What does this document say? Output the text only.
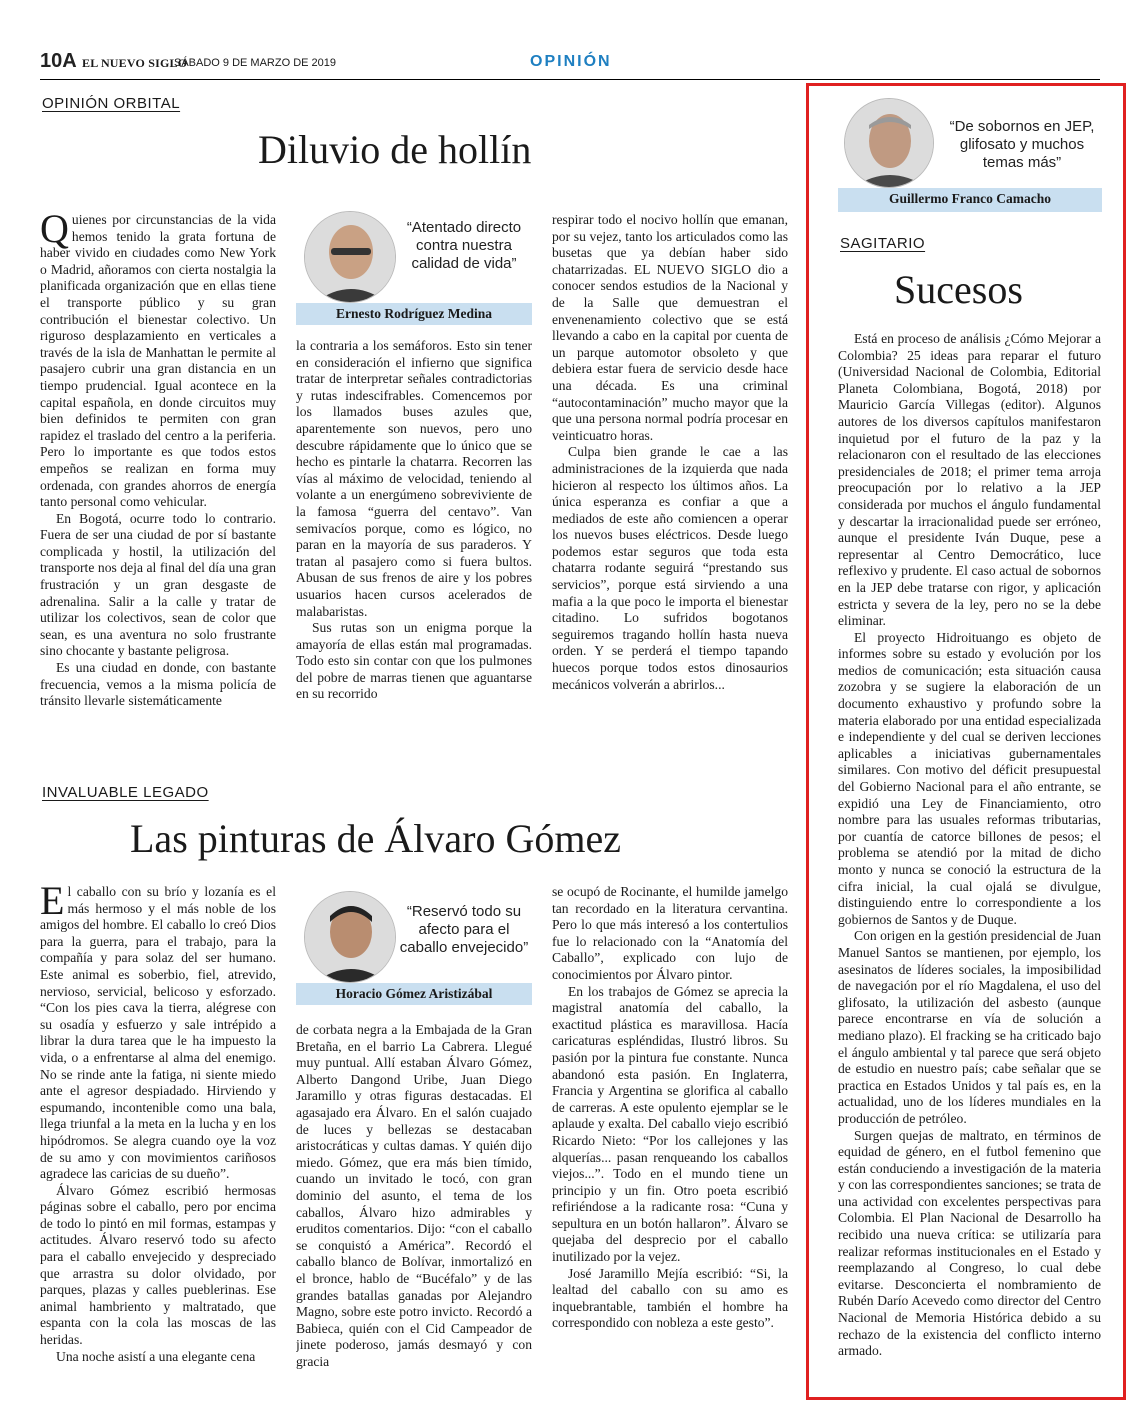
10A EL NUEVO SIGLO
SÁBADO 9 DE MARZO DE 2019	OPINIÓN
OPINIÓN ORBITAL
Diluvio de hollín

Quienes por circunstancias de la vida hemos tenido la grata fortuna de haber vivido en ciudades como New York o Madrid, añoramos con cierta nostalgia la planificada organización que en ellas tiene el transporte público y su gran contribución el bienestar colectivo. Un riguroso desplazamiento en verticales a través de la isla de Manhattan le permite al pasajero cubrir una gran distancia en un tiempo prudencial. Igual acontece en la capital española, en donde circuitos muy bien definidos te permiten con gran rapidez el traslado del centro a la periferia. Pero lo importante es que todos estos empeños se realizan en forma muy ordenada, con grandes ahorros de energía tanto personal como vehicular.

En Bogotá, ocurre todo lo contrario. Fuera de ser una ciudad de por sí bastante complicada y hostil, la utilización del transporte nos deja al final del día una gran frustración y un gran desgaste de adrenalina. Salir a la calle y tratar de utilizar los colectivos, sean de color que sean, es una aventura no solo frustrante sino chocante y bastante peligrosa.

Es una ciudad en donde, con bastante frecuencia, vemos a la misma policía de tránsito llevarle sistemáticamente

“Atentado directo contra nuestra calidad de vida”
Ernesto Rodríguez Medina

la contraria a los semáforos. Esto sin tener en consideración el infierno que significa tratar de interpretar señales contradictorias y rutas indescifrables. Comencemos por los llamados buses azules que, aparentemente son nuevos, pero uno descubre rápidamente que lo único que se hecho es pintarle la chatarra. Recorren las vías al máximo de velocidad, teniendo al volante a un energúmeno sobreviviente de la famosa “guerra del centavo”. Van semivacíos porque, como es lógico, no paran en la mayoría de sus paraderos. Y tratan al pasajero como si fuera bultos. Abusan de sus frenos de aire y los pobres usuarios hacen cursos acelerados de malabaristas.

Sus rutas son un enigma porque la amayoría de ellas están mal programadas. Todo esto sin contar con que los pulmones del pobre de marras tienen que aguantarse en su recorrido

respirar todo el nocivo hollín que emanan, por su vejez, tanto los articulados como las busetas que ya debían haber sido chatarrizadas. EL NUEVO SIGLO dio a conocer sendos estudios de la Nacional y de la Salle que demuestran el envenenamiento colectivo que se está llevando a cabo en la capital por cuenta de un parque automotor obsoleto y que debiera estar fuera de servicio desde hace una década. Es una criminal “autocontaminación” mucho mayor que la que una persona normal podría procesar en veinticuatro horas.

Culpa bien grande le cae a las administraciones de la izquierda que nada hicieron al respecto los últimos años. La única esperanza es confiar a que a mediados de este año comiencen a operar los nuevos buses eléctricos. Desde luego podemos estar seguros que toda esta chatarra rodante seguirá “prestando sus servicios”, porque está sirviendo a una mafia a la que poco le importa el bienestar citadino. Lo sufridos bogotanos seguiremos tragando hollín hasta nueva orden. Y se perderá el tiempo tapando huecos porque todos estos dinosaurios mecánicos volverán a abrirlos...

INVALUABLE LEGADO
Las pinturas de Álvaro Gómez

El caballo con su brío y lozanía es el más hermoso y el más noble de los amigos del hombre. El caballo lo creó Dios para la guerra, para el trabajo, para la compañía y para solaz del ser humano. Este animal es soberbio, fiel, atrevido, nervioso, servicial, belicoso y esforzado. “Con los pies cava la tierra, alégrese con su osadía y esfuerzo y sale intrépido a librar la dura tarea que le ha impuesto la vida, o a enfrentarse al alma del enemigo. No se rinde ante la fatiga, ni siente miedo ante el agresor despiadado. Hirviendo y espumando, incontenible como una bala, llega triunfal a la meta en la lucha y en los hipódromos. Se alegra cuando oye la voz de su amo y con movimientos cariñosos agradece las caricias de su dueño”.

Álvaro Gómez escribió hermosas páginas sobre el caballo, pero por encima de todo lo pintó en mil formas, estampas y actitudes. Álvaro reservó todo su afecto para el caballo envejecido y despreciado que arrastra su dolor olvidado, por parques, plazas y calles pueblerinas. Ese animal hambriento y maltratado, que espanta con la cola las moscas de las heridas.

Una noche asistí a una elegante cena

“Reservó todo su afecto para el caballo envejecido”
Horacio Gómez Aristizábal

de corbata negra a la Embajada de la Gran Bretaña, en el barrio La Cabrera. Llegué muy puntual. Allí estaban Álvaro Gómez, Alberto Dangond Uribe, Juan Diego Jaramillo y otras figuras destacadas. El agasajado era Álvaro. En el salón cuajado de luces y bellezas se destacaban aristocráticas y cultas damas. Y quién dijo miedo. Gómez, que era más bien tímido, cuando un invitado le tocó, con gran dominio del asunto, el tema de los caballos, Álvaro hizo admirables y eruditos comentarios. Dijo: “con el caballo se conquistó a América”. Recordó el caballo blanco de Bolívar, inmortalizó en el bronce, hablo de “Bucéfalo” y de las grandes batallas ganadas por Alejandro Magno, sobre este potro invicto. Recordó a Babieca, quién con el Cid Campeador de jinete poderoso, jamás desmayó y con gracia

se ocupó de Rocinante, el humilde jamelgo tan recordado en la literatura cervantina. Pero lo que más interesó a los contertulios fue lo relacionado con la “Anatomía del Caballo”, explicado con lujo de conocimientos por Álvaro pintor.

En los trabajos de Gómez se aprecia la magistral anatomía del caballo, la exactitud plástica es maravillosa. Hacía caricaturas espléndidas, Ilustró libros. Su pasión por la pintura fue constante. Nunca abandonó esta pasión. En Inglaterra, Francia y Argentina se glorifica al caballo de carreras. A este opulento ejemplar se le aplaude y exalta. Del caballo viejo escribió Ricardo Nieto: “Por los callejones y las alquerías... pasan renqueando los caballos viejos...”. Todo en el mundo tiene un principio y un fin. Otro poeta escribió refiriéndose a la radicante rosa: “Cuna y sepultura en un botón hallaron”. Álvaro se quejaba del desprecio por el caballo inutilizado por la vejez.

José Jaramillo Mejía escribió: “Si, la lealtad del caballo con su amo es inquebrantable, también el hombre ha correspondido con nobleza a este gesto”.

“De sobornos en JEP, glifosato y muchos temas más”
Guillermo Franco Camacho
SAGITARIO
Sucesos

Está en proceso de análisis ¿Cómo Mejorar a Colombia? 25 ideas para reparar el futuro (Universidad Nacional de Colombia, Editorial Planeta Colombiana, Bogotá, 2018) por Mauricio García Villegas (editor). Algunos autores de los diversos capítulos manifestaron inquietud por el futuro de la paz y la relacionaron con el resultado de las elecciones presidenciales de 2018; el primer tema arroja preocupación por lo relativo a la JEP considerada por muchos el ángulo fundamental y descartar la irracionalidad puede ser erróneo, aunque el presidente Iván Duque, pese a representar al Centro Democrático, luce reflexivo y prudente. El caso actual de sobornos en la JEP debe tratarse con rigor, y aplicación estricta y severa de la ley, pero no se la debe eliminar.

El proyecto Hidroituango es objeto de informes sobre su estado y evolución por los medios de comunicación; esta situación causa zozobra y se sugiere la elaboración de un documento exhaustivo y profundo sobre la materia elaborado por una entidad especializada e independiente y del cual se deriven lecciones aplicables a iniciativas gubernamentales similares. Con motivo del déficit presupuestal del Gobierno Nacional para el año entrante, se expidió una Ley de Financiamiento, otro nombre para las usuales reformas tributarias, por cuantía de catorce billones de pesos; el problema se atendió por la mitad de dicho monto y nunca se conoció la estructura de la cifra inicial, la cual ojalá se divulgue, distinguiendo entre lo correspondiente a los gobiernos de Santos y de Duque.

Con origen en la gestión presidencial de Juan Manuel Santos se mantienen, por ejemplo, los asesinatos de líderes sociales, la imposibilidad de navegación por el río Magdalena, el uso del glifosato, la utilización del asbesto (aunque parece encontrarse en vía de solución a mediano plazo). El fracking se ha criticado bajo el ángulo ambiental y tal parece que será objeto de estudio en nuestro país; cabe señalar que se practica en Estados Unidos y tal país es, en la actualidad, uno de los líderes mundiales en la producción de petróleo.

Surgen quejas de maltrato, en términos de equidad de género, en el futbol femenino que están conduciendo a investigación de la materia y con las correspondientes sanciones; se trata de una actividad con excelentes perspectivas para Colombia. El Plan Nacional de Desarrollo ha recibido una nueva crítica: se utilizaría para realizar reformas institucionales en el Estado y reemplazando al Congreso, lo cual debe evitarse. Desconcierta el nombramiento de Rubén Darío Acevedo como director del Centro Nacional de Memoria Histórica debido a su rechazo de la existencia del conflicto interno armado.
